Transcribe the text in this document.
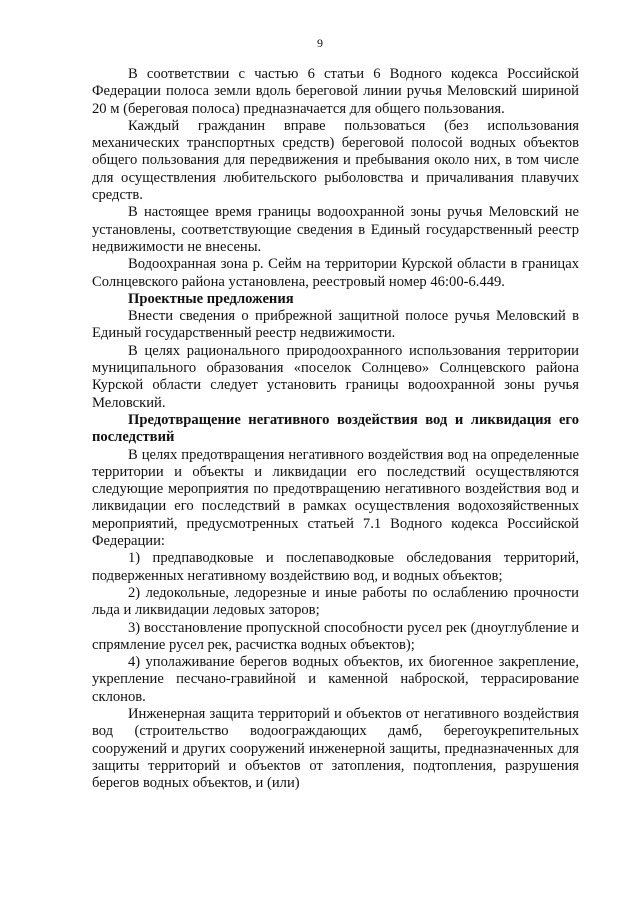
9

В соответствии с частью 6 статьи 6 Водного кодекса Российской Федерации полоса земли вдоль береговой линии ручья Меловский шириной 20 м (береговая полоса) предназначается для общего пользования.

Каждый гражданин вправе пользоваться (без использования механических транспортных средств) береговой полосой водных объектов общего пользования для передвижения и пребывания около них, в том числе для осуществления любительского рыболовства и причаливания плавучих средств.

В настоящее время границы водоохранной зоны ручья Меловский не установлены, соответствующие сведения в Единый государственный реестр недвижимости не внесены.

Водоохранная зона р. Сейм на территории Курской области в границах Солнцевского района установлена, реестровый номер 46:00-6.449.

Проектные предложения

Внести сведения о прибрежной защитной полосе ручья Меловский в Единый государственный реестр недвижимости.

В целях рационального природоохранного использования территории муниципального образования «поселок Солнцево» Солнцевского района Курской области следует установить границы водоохранной зоны ручья Меловский.

Предотвращение негативного воздействия вод и ликвидация его последствий

В целях предотвращения негативного воздействия вод на определенные территории и объекты и ликвидации его последствий осуществляются следующие мероприятия по предотвращению негативного воздействия вод и ликвидации его последствий в рамках осуществления водохозяйственных мероприятий, предусмотренных статьей 7.1 Водного кодекса Российской Федерации:

1) предпаводковые и послепаводковые обследования территорий, подверженных негативному воздействию вод, и водных объектов;

2) ледокольные, ледорезные и иные работы по ослаблению прочности льда и ликвидации ледовых заторов;

3) восстановление пропускной способности русел рек (дноуглубление и спрямление русел рек, расчистка водных объектов);

4) уполаживание берегов водных объектов, их биогенное закрепление, укрепление песчано-гравийной и каменной наброской, террасирование склонов.

Инженерная защита территорий и объектов от негативного воздействия вод (строительство водоограждающих дамб, берегоукрепительных сооружений и других сооружений инженерной защиты, предназначенных для защиты территорий и объектов от затопления, подтопления, разрушения берегов водных объектов, и (или)
